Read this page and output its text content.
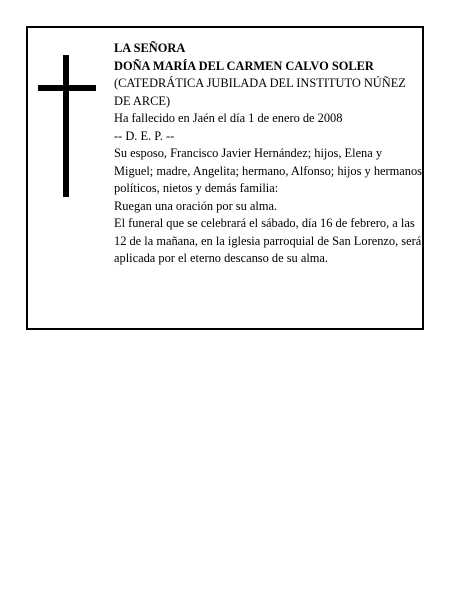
LA SEÑORA
DOÑA MARÍA DEL CARMEN CALVO SOLER
(CATEDRÁTICA JUBILADA DEL INSTITUTO NÚÑEZ DE ARCE)
Ha fallecido en Jaén el día 1 de enero de 2008
-- D. E. P. --
Su esposo, Francisco Javier Hernández; hijos, Elena y Miguel; madre, Angelita; hermano, Alfonso; hijos y hermanos políticos, nietos y demás familia:
Ruegan una oración por su alma.
El funeral que se celebrará el sábado, día 16 de febrero, a las 12 de la mañana, en la iglesia parroquial de San Lorenzo, será aplicada por el eterno descanso de su alma.
